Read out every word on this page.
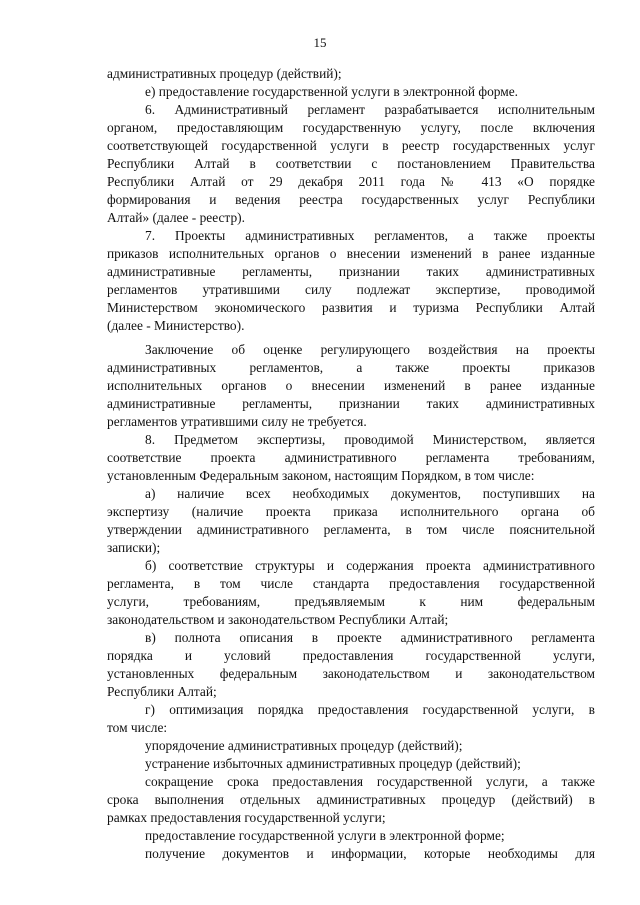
15
административных процедур (действий);
е) предоставление государственной услуги в электронной форме.
6. Административный регламент разрабатывается исполнительным
органом, предоставляющим государственную услугу, после включения
соответствующей государственной услуги в реестр государственных услуг
Республики Алтай в соответствии с постановлением Правительства
Республики Алтай от 29 декабря 2011 года № 413 «О порядке
формирования и ведения реестра государственных услуг Республики
Алтай» (далее - реестр).
7. Проекты административных регламентов, а также проекты
приказов исполнительных органов о внесении изменений в ранее изданные
административные регламенты, признании таких административных
регламентов утратившими силу подлежат экспертизе, проводимой
Министерством экономического развития и туризма Республики Алтай
(далее - Министерство).
Заключение об оценке регулирующего воздействия на проекты
административных регламентов, а также проекты приказов
исполнительных органов о внесении изменений в ранее изданные
административные регламенты, признании таких административных
регламентов утратившими силу не требуется.
8. Предметом экспертизы, проводимой Министерством, является
соответствие проекта административного регламента требованиям,
установленным Федеральным законом, настоящим Порядком, в том числе:
а) наличие всех необходимых документов, поступивших на
экспертизу (наличие проекта приказа исполнительного органа об
утверждении административного регламента, в том числе пояснительной
записки);
б) соответствие структуры и содержания проекта административного
регламента, в том числе стандарта предоставления государственной
услуги, требованиям, предъявляемым к ним федеральным
законодательством и законодательством Республики Алтай;
в) полнота описания в проекте административного регламента
порядка и условий предоставления государственной услуги,
установленных федеральным законодательством и законодательством
Республики Алтай;
г) оптимизация порядка предоставления государственной услуги, в
том числе:
упорядочение административных процедур (действий);
устранение избыточных административных процедур (действий);
сокращение срока предоставления государственной услуги, а также
срока выполнения отдельных административных процедур (действий) в
рамках предоставления государственной услуги;
предоставление государственной услуги в электронной форме;
получение документов и информации, которые необходимы для
